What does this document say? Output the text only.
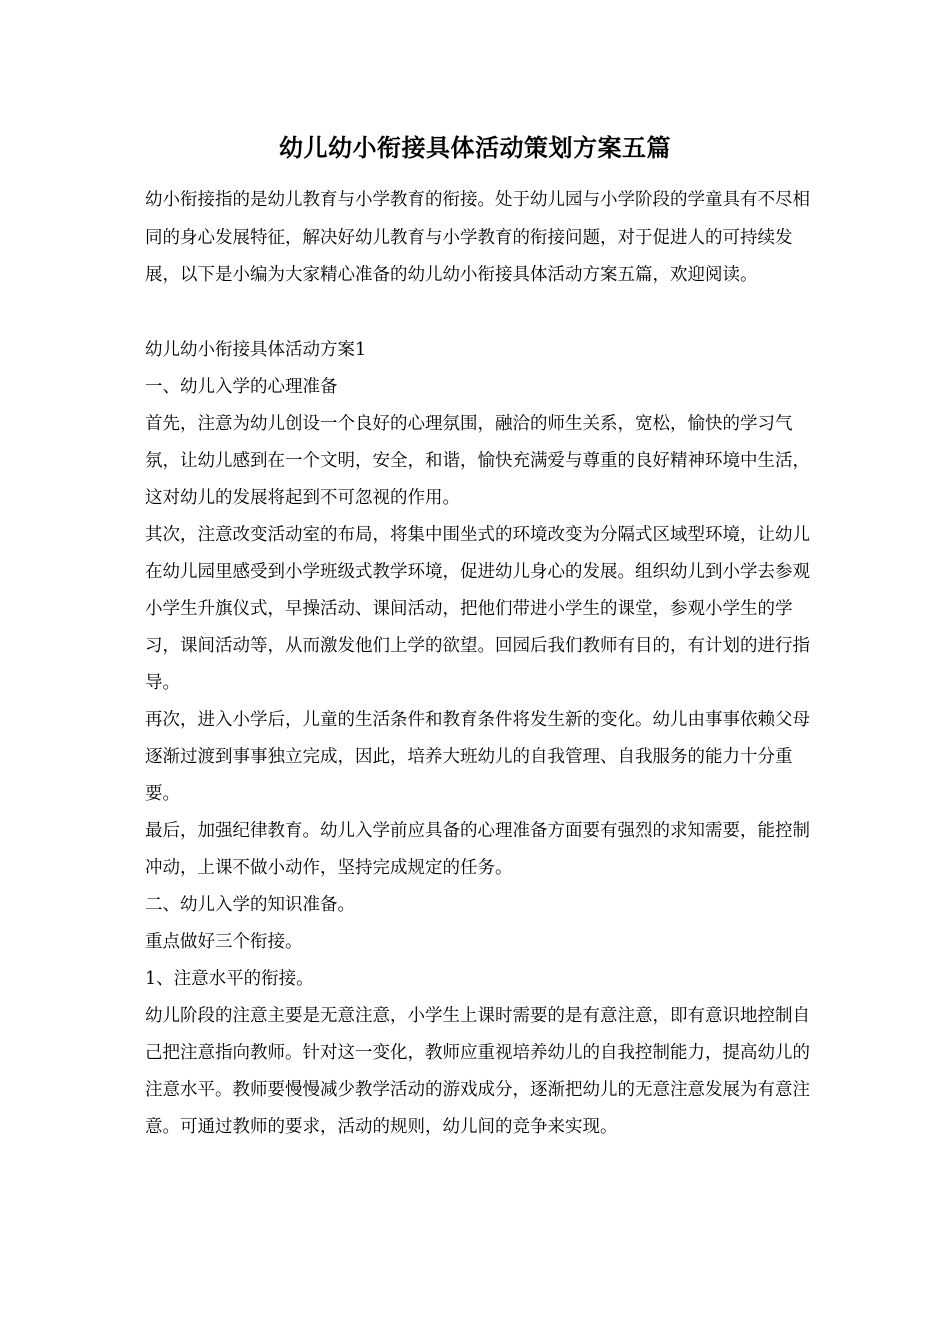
幼儿幼小衔接具体活动策划方案五篇

幼小衔接指的是幼儿教育与小学教育的衔接。处于幼儿园与小学阶段的学童具有不尽相同的身心发展特征，解决好幼儿教育与小学教育的衔接问题，对于促进人的可持续发展，以下是小编为大家精心准备的幼儿幼小衔接具体活动方案五篇，欢迎阅读。

幼儿幼小衔接具体活动方案1

一、幼儿入学的心理准备

首先，注意为幼儿创设一个良好的心理氛围，融洽的师生关系，宽松，愉快的学习气氛，让幼儿感到在一个文明，安全，和谐，愉快充满爱与尊重的良好精神环境中生活，这对幼儿的发展将起到不可忽视的作用。

其次，注意改变活动室的布局，将集中围坐式的环境改变为分隔式区域型环境，让幼儿在幼儿园里感受到小学班级式教学环境，促进幼儿身心的发展。组织幼儿到小学去参观小学生升旗仪式，早操活动、课间活动，把他们带进小学生的课堂，参观小学生的学习，课间活动等，从而激发他们上学的欲望。回园后我们教师有目的，有计划的进行指导。

再次，进入小学后，儿童的生活条件和教育条件将发生新的变化。幼儿由事事依赖父母逐渐过渡到事事独立完成，因此，培养大班幼儿的自我管理、自我服务的能力十分重要。

最后，加强纪律教育。幼儿入学前应具备的心理准备方面要有强烈的求知需要，能控制冲动，上课不做小动作，坚持完成规定的任务。

二、幼儿入学的知识准备。

重点做好三个衔接。

1、注意水平的衔接。

幼儿阶段的注意主要是无意注意，小学生上课时需要的是有意注意，即有意识地控制自己把注意指向教师。针对这一变化，教师应重视培养幼儿的自我控制能力，提高幼儿的注意水平。教师要慢慢减少教学活动的游戏成分，逐渐把幼儿的无意注意发展为有意注意。可通过教师的要求，活动的规则，幼儿间的竞争来实现。
